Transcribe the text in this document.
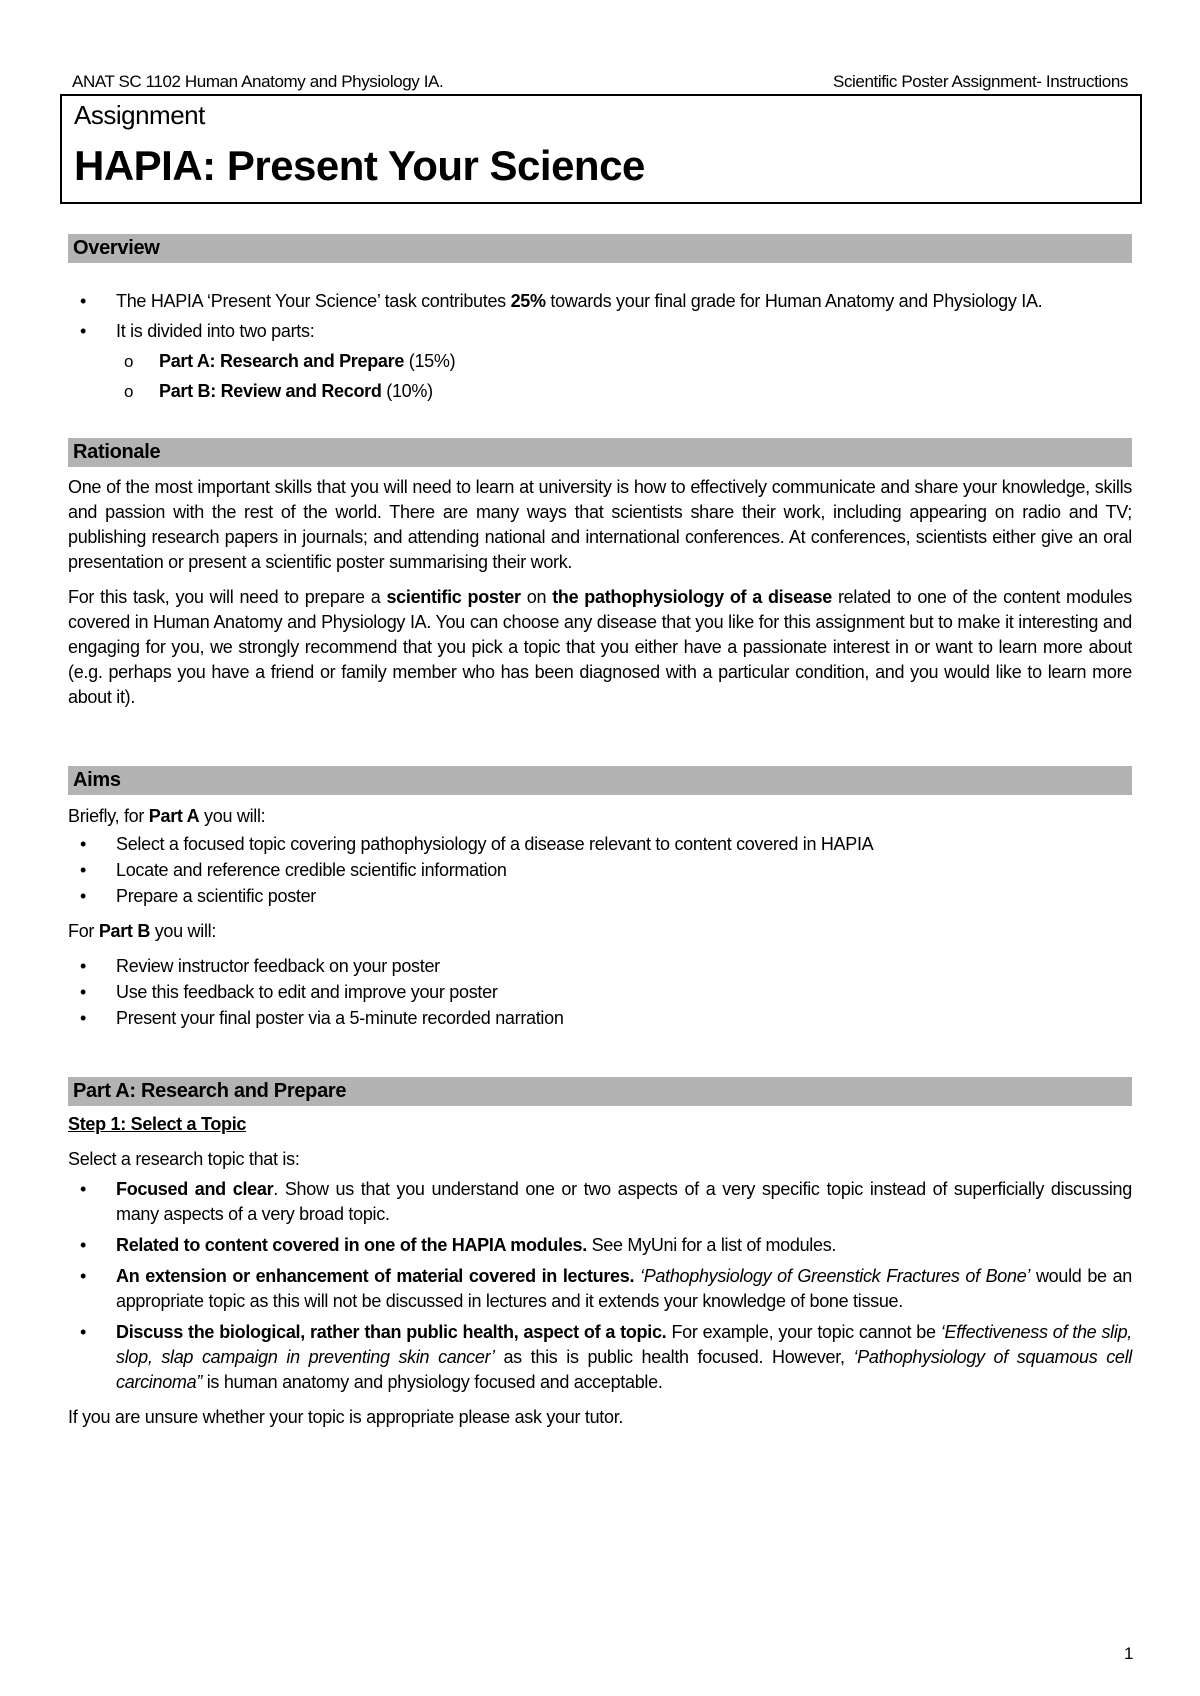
ANAT SC 1102 Human Anatomy and Physiology IA.	Scientific Poster Assignment- Instructions
Assignment
HAPIA: Present Your Science
Overview
• The HAPIA ‘Present Your Science’ task contributes 25% towards your final grade for Human Anatomy and Physiology IA.
• It is divided into two parts:
o Part A: Research and Prepare (15%)
o Part B: Review and Record (10%)
Rationale

One of the most important skills that you will need to learn at university is how to effectively communicate and share your knowledge, skills and passion with the rest of the world. There are many ways that scientists share their work, including appearing on radio and TV; publishing research papers in journals; and attending national and international conferences. At conferences, scientists either give an oral presentation or present a scientific poster summarising their work.

For this task, you will need to prepare a scientific poster on the pathophysiology of a disease related to one of the content modules covered in Human Anatomy and Physiology IA. You can choose any disease that you like for this assignment but to make it interesting and engaging for you, we strongly recommend that you pick a topic that you either have a passionate interest in or want to learn more about (e.g. perhaps you have a friend or family member who has been diagnosed with a particular condition, and you would like to learn more about it).

Aims

Briefly, for Part A you will:

• Select a focused topic covering pathophysiology of a disease relevant to content covered in HAPIA
• Locate and reference credible scientific information
• Prepare a scientific poster

For Part B you will:

• Review instructor feedback on your poster
• Use this feedback to edit and improve your poster
• Present your final poster via a 5-minute recorded narration
Part A: Research and Prepare

Step 1: Select a Topic

Select a research topic that is:

• Focused and clear. Show us that you understand one or two aspects of a very specific topic instead of superficially discussing many aspects of a very broad topic.
• Related to content covered in one of the HAPIA modules. See MyUni for a list of modules.
• An extension or enhancement of material covered in lectures. ‘Pathophysiology of Greenstick Fractures of Bone’ would be an appropriate topic as this will not be discussed in lectures and it extends your knowledge of bone tissue.
• Discuss the biological, rather than public health, aspect of a topic. For example, your topic cannot be ‘Effectiveness of the slip, slop, slap campaign in preventing skin cancer’ as this is public health focused. However, ‘Pathophysiology of squamous cell carcinoma” is human anatomy and physiology focused and acceptable.

If you are unsure whether your topic is appropriate please ask your tutor.

1
